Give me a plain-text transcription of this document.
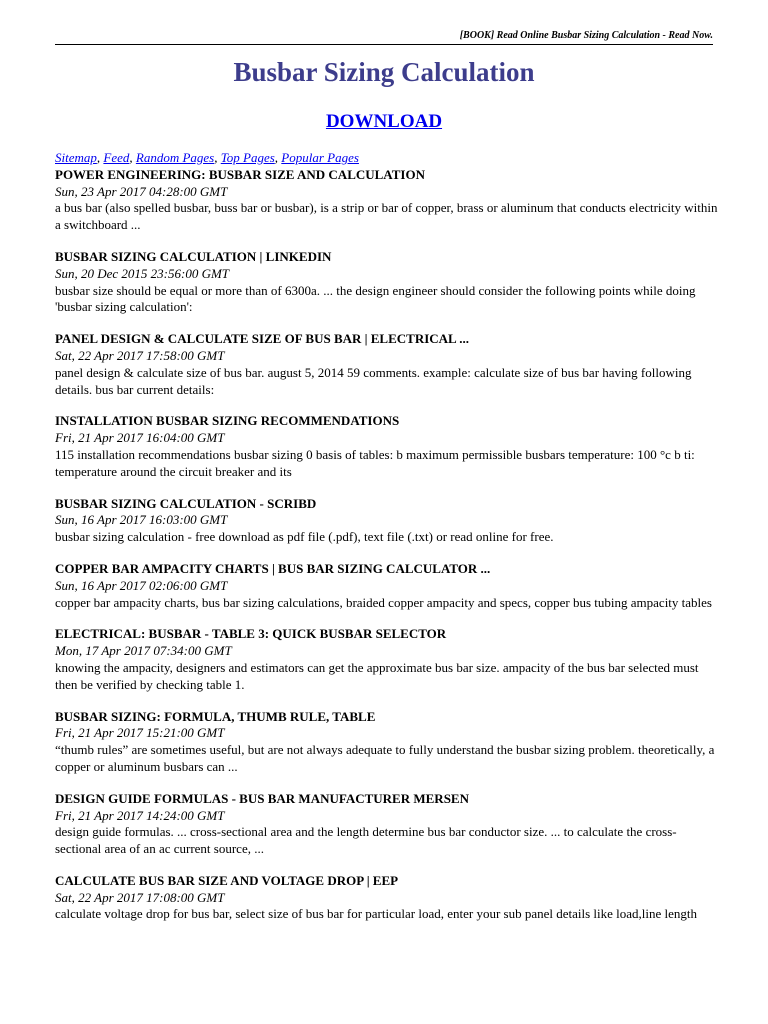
[BOOK] Read Online Busbar Sizing Calculation - Read Now.
Busbar Sizing Calculation
DOWNLOAD
Sitemap, Feed, Random Pages, Top Pages, Popular Pages
POWER ENGINEERING: BUSBAR SIZE AND CALCULATION
Sun, 23 Apr 2017 04:28:00 GMT
a bus bar (also spelled busbar, buss bar or busbar), is a strip or bar of copper, brass or aluminum that conducts electricity within a switchboard ...
BUSBAR SIZING CALCULATION | LINKEDIN
Sun, 20 Dec 2015 23:56:00 GMT
busbar size should be equal or more than of 6300a. ... the design engineer should consider the following points while doing 'busbar sizing calculation':
PANEL DESIGN & CALCULATE SIZE OF BUS BAR | ELECTRICAL ...
Sat, 22 Apr 2017 17:58:00 GMT
panel design & calculate size of bus bar. august 5, 2014 59 comments. example: calculate size of bus bar having following details. bus bar current details:
INSTALLATION BUSBAR SIZING RECOMMENDATIONS
Fri, 21 Apr 2017 16:04:00 GMT
115 installation recommendations busbar sizing 0 basis of tables: b maximum permissible busbars temperature: 100 °c b ti: temperature around the circuit breaker and its
BUSBAR SIZING CALCULATION - SCRIBD
Sun, 16 Apr 2017 16:03:00 GMT
busbar sizing calculation - free download as pdf file (.pdf), text file (.txt) or read online for free.
COPPER BAR AMPACITY CHARTS | BUS BAR SIZING CALCULATOR ...
Sun, 16 Apr 2017 02:06:00 GMT
copper bar ampacity charts, bus bar sizing calculations, braided copper ampacity and specs, copper bus tubing ampacity tables
ELECTRICAL: BUSBAR - TABLE 3: QUICK BUSBAR SELECTOR
Mon, 17 Apr 2017 07:34:00 GMT
knowing the ampacity, designers and estimators can get the approximate bus bar size. ampacity of the bus bar selected must then be verified by checking table 1.
BUSBAR SIZING: FORMULA, THUMB RULE, TABLE
Fri, 21 Apr 2017 15:21:00 GMT
“thumb rules” are sometimes useful, but are not always adequate to fully understand the busbar sizing problem. theoretically, a copper or aluminum busbars can ...
DESIGN GUIDE FORMULAS - BUS BAR MANUFACTURER MERSEN
Fri, 21 Apr 2017 14:24:00 GMT
design guide formulas. ... cross-sectional area and the length determine bus bar conductor size. ... to calculate the cross-sectional area of an ac current source, ...
CALCULATE BUS BAR SIZE AND VOLTAGE DROP | EEP
Sat, 22 Apr 2017 17:08:00 GMT
calculate voltage drop for bus bar, select size of bus bar for particular load, enter your sub panel details like load,line length
